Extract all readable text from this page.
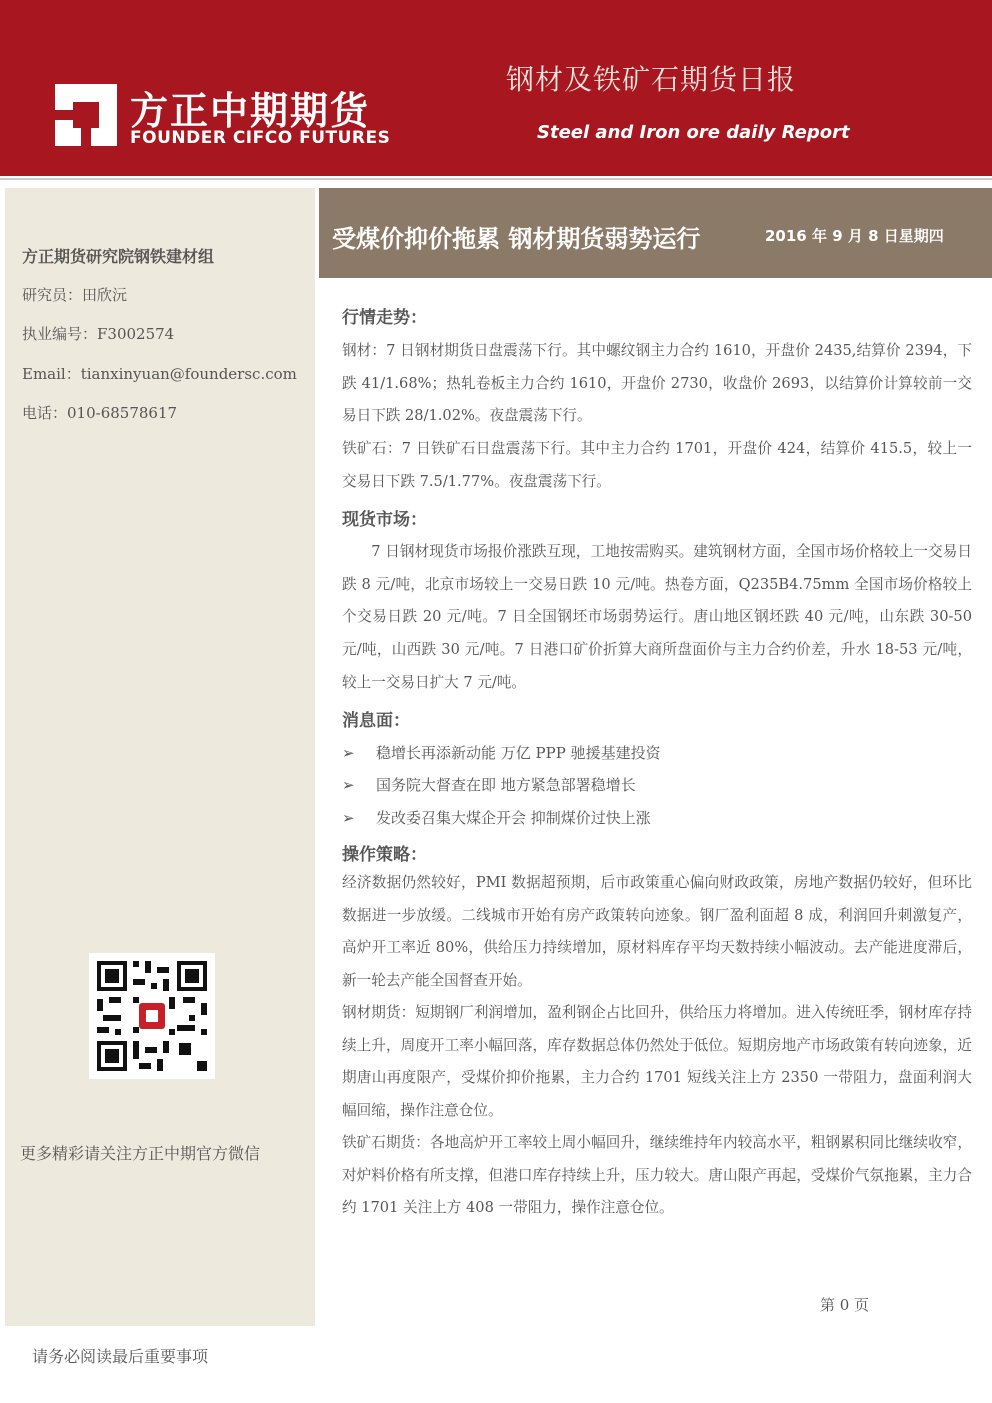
方正中期期货
FOUNDER CIFCO FUTURES
钢材及铁矿石期货日报
Steel and Iron ore daily Report
方正期货研究院钢铁建材组
研究员：田欣沅
执业编号：F3002574
Email：tianxinyuan@foundersc.com
电话：010-68578617
更多精彩请关注方正中期官方微信
受煤价抑价拖累 钢材期货弱势运行	2016 年 9 月 8 日星期四
行情走势：
钢材：7 日钢材期货日盘震荡下行。其中螺纹钢主力合约 1610，开盘价 2435,结算价 2394，下跌 41/1.68%；热轧卷板主力合约 1610，开盘价 2730，收盘价 2693，以结算价计算较前一交易日下跌 28/1.02%。夜盘震荡下行。
铁矿石：7 日铁矿石日盘震荡下行。其中主力合约 1701，开盘价 424，结算价 415.5，较上一交易日下跌 7.5/1.77%。夜盘震荡下行。
现货市场：
7 日钢材现货市场报价涨跌互现，工地按需购买。建筑钢材方面，全国市场价格较上一交易日跌 8 元/吨，北京市场较上一交易日跌 10 元/吨。热卷方面，Q235B4.75mm 全国市场价格较上个交易日跌 20 元/吨。7 日全国钢坯市场弱势运行。唐山地区钢坯跌 40 元/吨，山东跌 30-50 元/吨，山西跌 30 元/吨。7 日港口矿价折算大商所盘面价与主力合约价差，升水 18-53 元/吨，较上一交易日扩大 7 元/吨。
消息面：
➢ 稳增长再添新动能 万亿 PPP 驰援基建投资
➢ 国务院大督查在即 地方紧急部署稳增长
➢ 发改委召集大煤企开会 抑制煤价过快上涨
操作策略：
经济数据仍然较好，PMI 数据超预期，后市政策重心偏向财政政策，房地产数据仍较好，但环比数据进一步放缓。二线城市开始有房产政策转向迹象。钢厂盈利面超 8 成，利润回升刺激复产，高炉开工率近 80%，供给压力持续增加，原材料库存平均天数持续小幅波动。去产能进度滞后，新一轮去产能全国督查开始。
钢材期货：短期钢厂利润增加，盈利钢企占比回升，供给压力将增加。进入传统旺季，钢材库存持续上升，周度开工率小幅回落，库存数据总体仍然处于低位。短期房地产市场政策有转向迹象，近期唐山再度限产，受煤价抑价拖累，主力合约 1701 短线关注上方 2350 一带阻力，盘面利润大幅回缩，操作注意仓位。
铁矿石期货：各地高炉开工率较上周小幅回升，继续维持年内较高水平，粗钢累积同比继续收窄，对炉料价格有所支撑，但港口库存持续上升，压力较大。唐山限产再起，受煤价气氛拖累，主力合约 1701 关注上方 408 一带阻力，操作注意仓位。
第 0 页
请务必阅读最后重要事项
